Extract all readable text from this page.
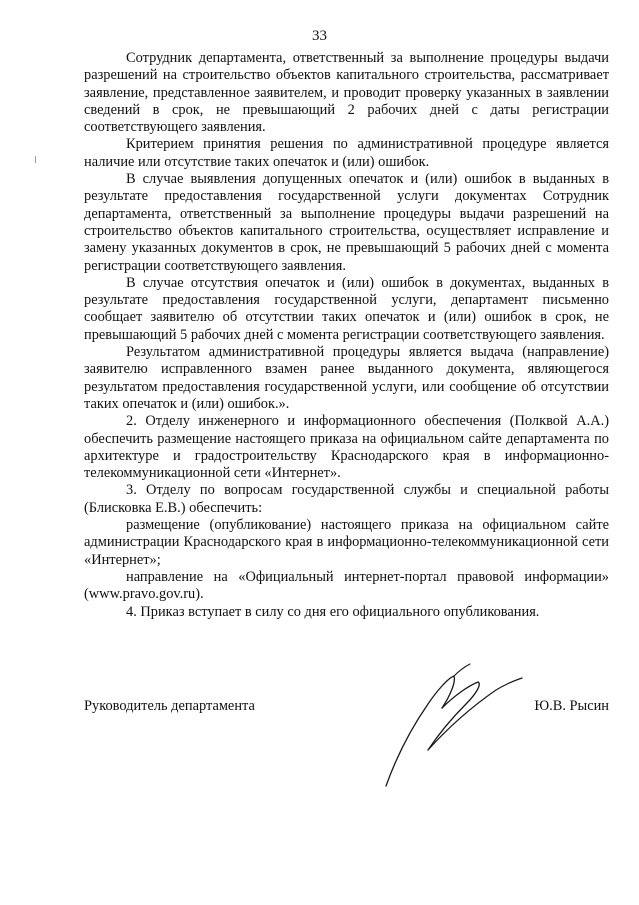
33

Сотрудник департамента, ответственный за выполнение процедуры выдачи разрешений на строительство объектов капитального строительства, рассматривает заявление, представленное заявителем, и проводит проверку указанных в заявлении сведений в срок, не превышающий 2 рабочих дней с даты регистрации соответствующего заявления.

Критерием принятия решения по административной процедуре является наличие или отсутствие таких опечаток и (или) ошибок.

В случае выявления допущенных опечаток и (или) ошибок в выданных в результате предоставления государственной услуги документах Сотрудник департамента, ответственный за выполнение процедуры выдачи разрешений на строительство объектов капитального строительства, осуществляет исправление и замену указанных документов в срок, не превышающий 5 рабочих дней с момента регистрации соответствующего заявления.

В случае отсутствия опечаток и (или) ошибок в документах, выданных в результате предоставления государственной услуги, департамент письменно сообщает заявителю об отсутствии таких опечаток и (или) ошибок в срок, не превышающий 5 рабочих дней с момента регистрации соответствующего заявления.

Результатом административной процедуры является выдача (направление) заявителю исправленного взамен ранее выданного документа, являющегося результатом предоставления государственной услуги, или сообщение об отсутствии таких опечаток и (или) ошибок.».

2. Отделу инженерного и информационного обеспечения (Полквой А.А.) обеспечить размещение настоящего приказа на официальном сайте департамента по архитектуре и градостроительству Краснодарского края в информационно-телекоммуникационной сети «Интернет».

3. Отделу по вопросам государственной службы и специальной работы (Блисковка Е.В.) обеспечить:

размещение (опубликование) настоящего приказа на официальном сайте администрации Краснодарского края в информационно-телекоммуникационной сети «Интернет»;

направление на «Официальный интернет-портал правовой информации» (www.pravo.gov.ru).

4. Приказ вступает в силу со дня его официального опубликования.

Руководитель департамента	Ю.В. Рысин
